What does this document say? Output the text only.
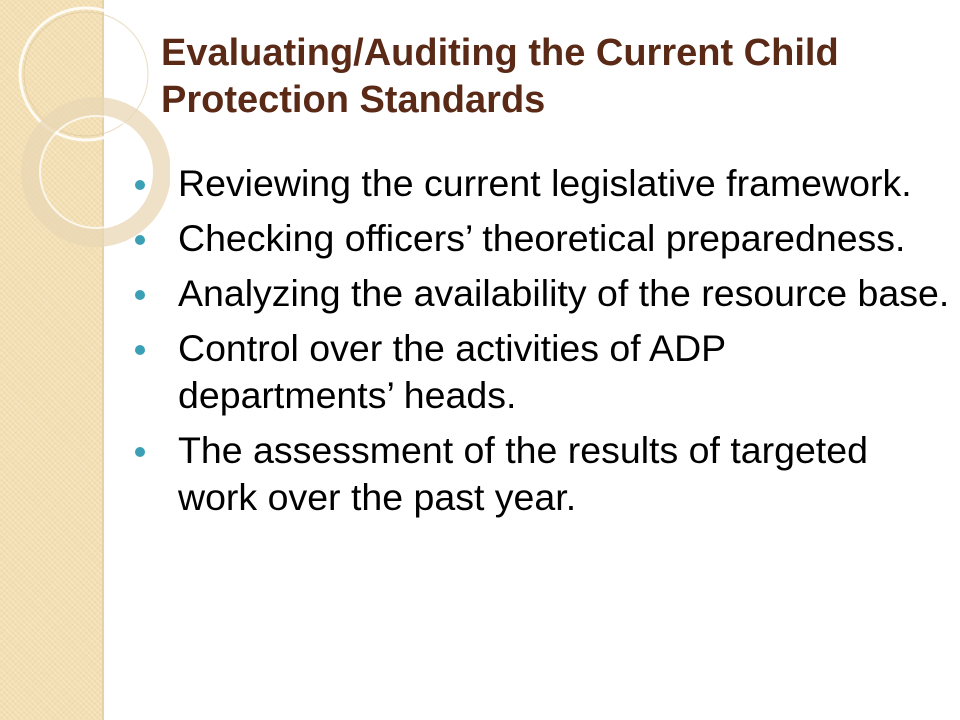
Evaluating/Auditing the Current Child Protection Standards
Reviewing the current legislative framework.
Checking officers’ theoretical preparedness.
Analyzing the availability of the resource base.
Control over the activities of ADP departments’ heads.
The assessment of the results of targeted work over the past year.
